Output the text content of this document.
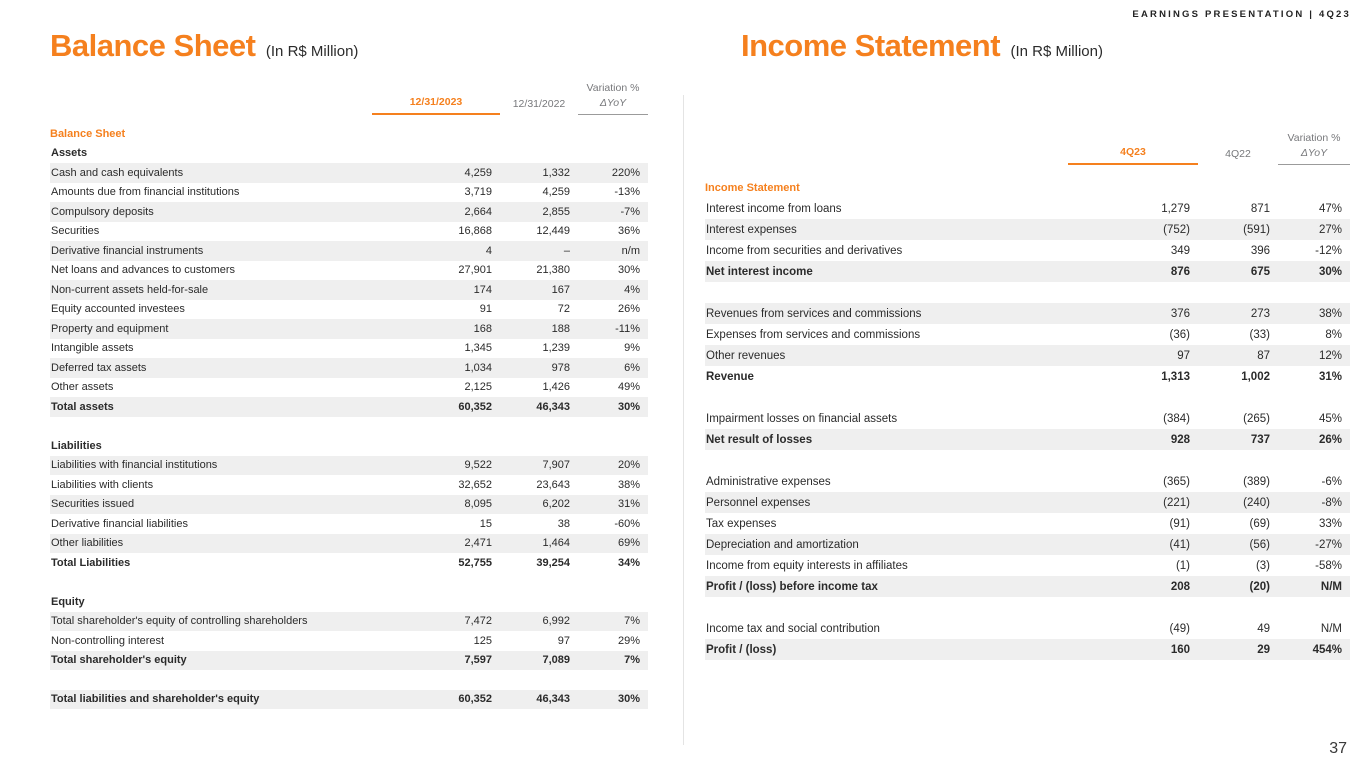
EARNINGS PRESENTATION | 4Q23
Balance Sheet (In R$ Million)
Variation %
12/31/2023	12/31/2022	ΔYoY
Balance Sheet
Assets
Cash and cash equivalents	4,259	1,332	220%
Amounts due from financial institutions	3,719	4,259	-13%
Compulsory deposits	2,664	2,855	-7%
Securities	16,868	12,449	36%
Derivative financial instruments	4	–	n/m
Net loans and advances to customers	27,901	21,380	30%
Non-current assets held-for-sale	174	167	4%
Equity accounted investees	91	72	26%
Property and equipment	168	188	-11%
Intangible assets	1,345	1,239	9%
Deferred tax assets	1,034	978	6%
Other assets	2,125	1,426	49%
Total assets	60,352	46,343	30%
Liabilities
Liabilities with financial institutions	9,522	7,907	20%
Liabilities with clients	32,652	23,643	38%
Securities issued	8,095	6,202	31%
Derivative financial liabilities	15	38	-60%
Other liabilities	2,471	1,464	69%
Total Liabilities	52,755	39,254	34%
Equity
Total shareholder's equity of controlling shareholders	7,472	6,992	7%
Non-controlling interest	125	97	29%
Total shareholder's equity	7,597	7,089	7%
Total liabilities and shareholder's equity	60,352	46,343	30%
Income Statement (In R$ Million)
Variation %
4Q23	4Q22	ΔYoY
Income Statement
Interest income from loans	1,279	871	47%
Interest expenses	(752)	(591)	27%
Income from securities and derivatives	349	396	-12%
Net interest income	876	675	30%
Revenues from services and commissions	376	273	38%
Expenses from services and commissions	(36)	(33)	8%
Other revenues	97	87	12%
Revenue	1,313	1,002	31%
Impairment losses on financial assets	(384)	(265)	45%
Net result of losses	928	737	26%
Administrative expenses	(365)	(389)	-6%
Personnel expenses	(221)	(240)	-8%
Tax expenses	(91)	(69)	33%
Depreciation and amortization	(41)	(56)	-27%
Income from equity interests in affiliates	(1)	(3)	-58%
Profit / (loss) before income tax	208	(20)	N/M
Income tax and social contribution	(49)	49	N/M
Profit / (loss)	160	29	454%
37
